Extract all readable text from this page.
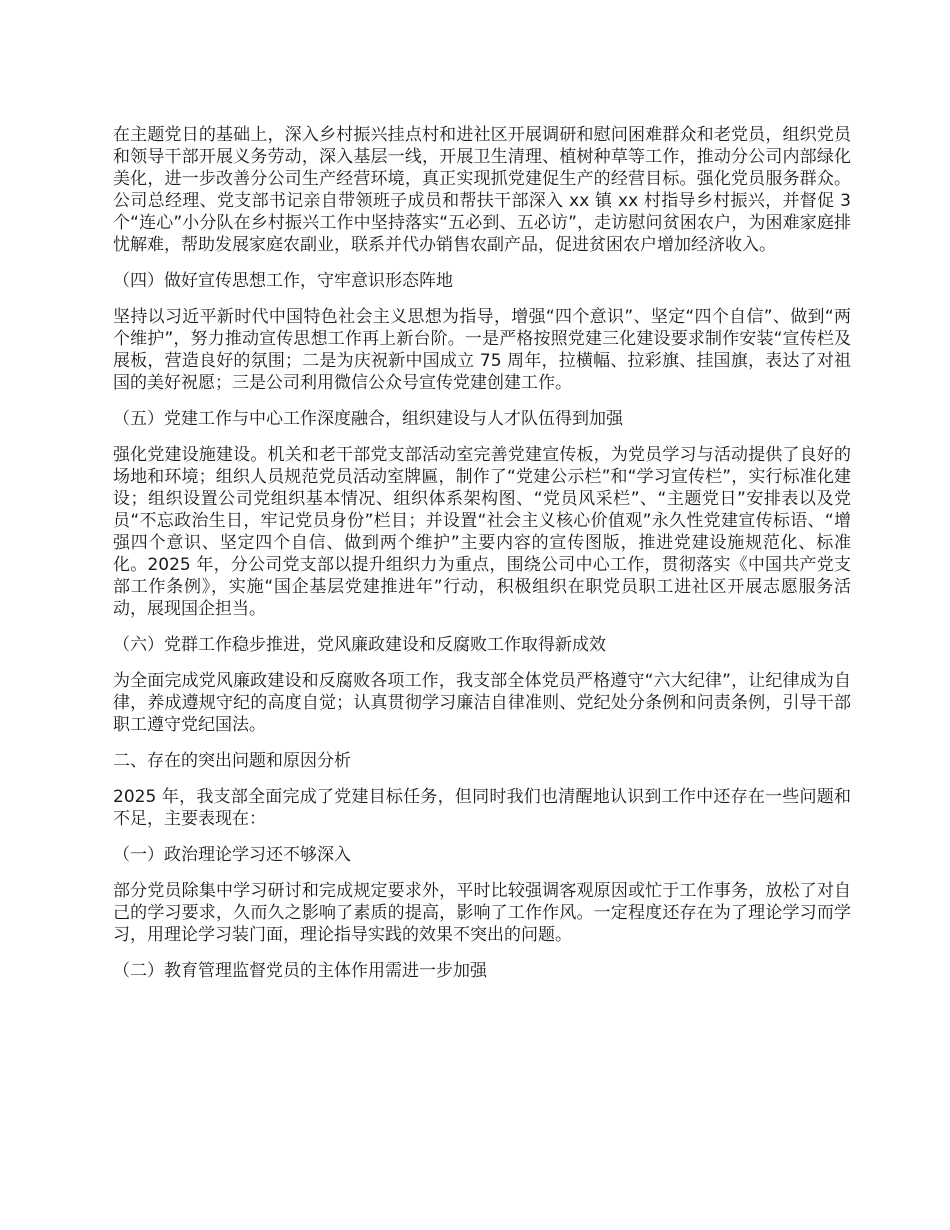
在主题党日的基础上，深入乡村振兴挂点村和进社区开展调研和慰问困难群众和老党员，组织党员和领导干部开展义务劳动，深入基层一线，开展卫生清理、植树种草等工作，推动分公司内部绿化美化，进一步改善分公司生产经营环境，真正实现抓党建促生产的经营目标。强化党员服务群众。公司总经理、党支部书记亲自带领班子成员和帮扶干部深入 xx 镇 xx 村指导乡村振兴，并督促 3 个“连心”小分队在乡村振兴工作中坚持落实“五必到、五必访”，走访慰问贫困农户，为困难家庭排忧解难，帮助发展家庭农副业，联系并代办销售农副产品，促进贫困农户增加经济收入。

（四）做好宣传思想工作，守牢意识形态阵地

坚持以习近平新时代中国特色社会主义思想为指导，增强“四个意识”、坚定“四个自信”、做到“两个维护”，努力推动宣传思想工作再上新台阶。一是严格按照党建三化建设要求制作安装“宣传栏及展板，营造良好的氛围；二是为庆祝新中国成立 75 周年，拉横幅、拉彩旗、挂国旗，表达了对祖国的美好祝愿；三是公司利用微信公众号宣传党建创建工作。

（五）党建工作与中心工作深度融合，组织建设与人才队伍得到加强

强化党建设施建设。机关和老干部党支部活动室完善党建宣传板，为党员学习与活动提供了良好的场地和环境；组织人员规范党员活动室牌匾，制作了“党建公示栏”和“学习宣传栏”，实行标准化建设；组织设置公司党组织基本情况、组织体系架构图、“党员风采栏”、“主题党日”安排表以及党员“不忘政治生日，牢记党员身份”栏目；并设置“社会主义核心价值观”永久性党建宣传标语、“增强四个意识、坚定四个自信、做到两个维护”主要内容的宣传图版，推进党建设施规范化、标准化。2025 年，分公司党支部以提升组织力为重点，围绕公司中心工作，贯彻落实《中国共产党支部工作条例》，实施“国企基层党建推进年”行动，积极组织在职党员职工进社区开展志愿服务活动，展现国企担当。

（六）党群工作稳步推进，党风廉政建设和反腐败工作取得新成效

为全面完成党风廉政建设和反腐败各项工作，我支部全体党员严格遵守“六大纪律”，让纪律成为自律，养成遵规守纪的高度自觉；认真贯彻学习廉洁自律准则、党纪处分条例和问责条例，引导干部职工遵守党纪国法。

二、存在的突出问题和原因分析

2025 年，我支部全面完成了党建目标任务，但同时我们也清醒地认识到工作中还存在一些问题和不足，主要表现在：

（一）政治理论学习还不够深入

部分党员除集中学习研讨和完成规定要求外，平时比较强调客观原因或忙于工作事务，放松了对自己的学习要求，久而久之影响了素质的提高，影响了工作作风。一定程度还存在为了理论学习而学习，用理论学习装门面，理论指导实践的效果不突出的问题。

（二）教育管理监督党员的主体作用需进一步加强
